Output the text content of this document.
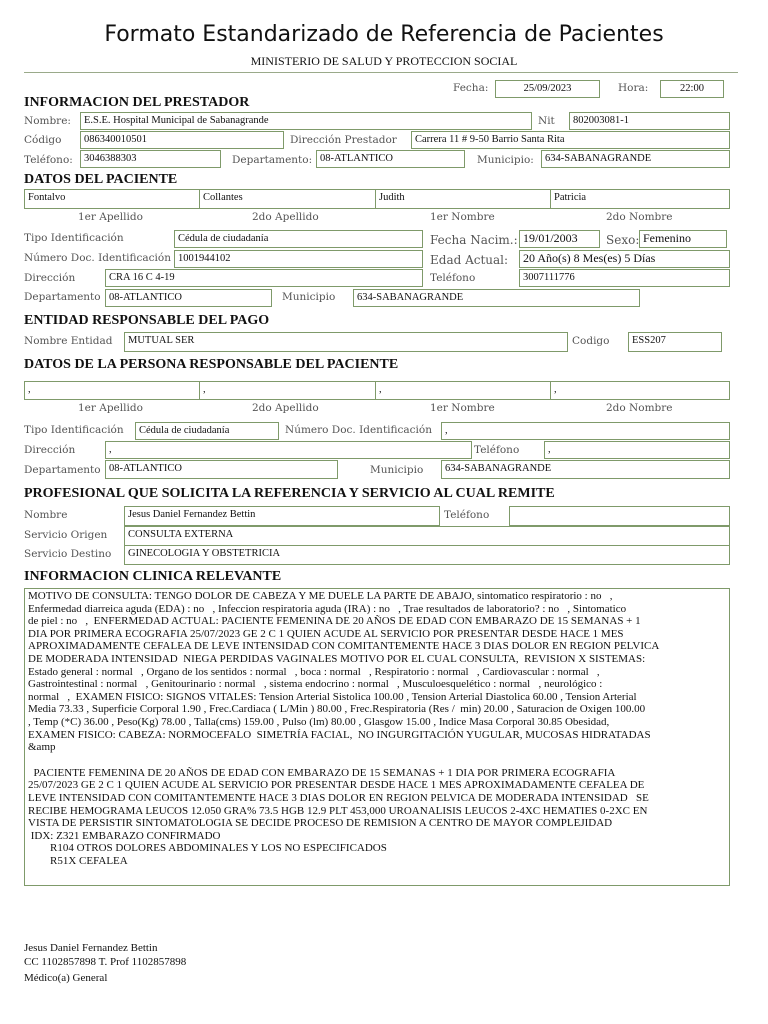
Formato Estandarizado de Referencia de Pacientes
MINISTERIO DE SALUD Y PROTECCION SOCIAL
Fecha:	25/09/2023	Hora:	22:00
INFORMACION DEL PRESTADOR
Nombre:	E.S.E. Hospital Municipal de Sabanagrande	Nit	802003081-1
Código	086340010501	Dirección Prestador	Carrera 11 # 9-50 Barrio Santa Rita
Teléfono:	3046388303	Departamento: 08-ATLANTICO	Municipio:	634-SABANAGRANDE
DATOS DEL PACIENTE
Fontalvo	Collantes	Judith	Patricia
1er Apellido	2do Apellido	1er Nombre	2do Nombre
Tipo Identificación	Cédula de ciudadanía	Fecha Nacim.: 19/01/2003	Sexo: Femenino
Número Doc. Identificación 1001944102	Edad Actual:	20 Año(s) 8 Mes(es) 5 Días
Dirección	CRA 16 C 4-19	Teléfono	3007111776
Departamento 08-ATLANTICO	Municipio	634-SABANAGRANDE
ENTIDAD RESPONSABLE DEL PAGO
Nombre Entidad	MUTUAL SER	Codigo	ESS207
DATOS DE LA PERSONA RESPONSABLE DEL PACIENTE
,	,	,	,
1er Apellido	2do Apellido	1er Nombre	2do Nombre
Tipo Identificación	Cédula de ciudadanía	Número Doc. Identificación	,
Dirección	,	Teléfono	,
Departamento 08-ATLANTICO	Municipio	634-SABANAGRANDE
PROFESIONAL QUE SOLICITA LA REFERENCIA Y SERVICIO AL CUAL REMITE
Nombre	Jesus Daniel Fernandez Bettin	Teléfono
Servicio Origen	CONSULTA EXTERNA
Servicio Destino	GINECOLOGIA Y OBSTETRICIA
INFORMACION CLINICA RELEVANTE
MOTIVO DE CONSULTA: TENGO DOLOR DE CABEZA Y ME DUELE LA PARTE DE ABAJO, sintomatico respiratorio : no   ,
Enfermedad diarreica aguda (EDA) : no   , Infeccion respiratoria aguda (IRA) : no   , Trae resultados de laboratorio? : no   , Sintomatico
de piel : no   ,  ENFERMEDAD ACTUAL: PACIENTE FEMENINA DE 20 AÑOS DE EDAD CON EMBARAZO DE 15 SEMANAS + 1
DIA POR PRIMERA ECOGRAFIA 25/07/2023 GE 2 C 1 QUIEN ACUDE AL SERVICIO POR PRESENTAR DESDE HACE 1 MES
APROXIMADAMENTE CEFALEA DE LEVE INTENSIDAD CON COMITANTEMENTE HACE 3 DIAS DOLOR EN REGION PELVICA
DE MODERADA INTENSIDAD  NIEGA PERDIDAS VAGINALES MOTIVO POR EL CUAL CONSULTA,  REVISION X SISTEMAS:
Estado general : normal   , Organo de los sentidos : normal   , boca : normal   , Respiratorio : normal   , Cardiovascular : normal   ,
Gastrointestinal : normal   , Genitourinario : normal   , sistema endocrino : normal   , Musculoesquelético : normal   , neurológico :
normal   ,  EXAMEN FISICO: SIGNOS VITALES: Tension Arterial Sistolica 100.00 , Tension Arterial Diastolica 60.00 , Tension Arterial
Media 73.33 , Superficie Corporal 1.90 , Frec.Cardiaca ( L/Min ) 80.00 , Frec.Respiratoria (Res /  min) 20.00 , Saturacion de Oxigen 100.00
, Temp (*C) 36.00 , Peso(Kg) 78.00 , Talla(cms) 159.00 , Pulso (lm) 80.00 , Glasgow 15.00 , Indice Masa Corporal 30.85 Obesidad,
EXAMEN FISICO: CABEZA: NORMOCEFALO  SIMETRÍA FACIAL,  NO INGURGITACIÓN YUGULAR, MUCOSAS HIDRATADAS
&amp
PACIENTE FEMENINA DE 20 AÑOS DE EDAD CON EMBARAZO DE 15 SEMANAS + 1 DIA POR PRIMERA ECOGRAFIA
25/07/2023 GE 2 C 1 QUIEN ACUDE AL SERVICIO POR PRESENTAR DESDE HACE 1 MES APROXIMADAMENTE CEFALEA DE
LEVE INTENSIDAD CON COMITANTEMENTE HACE 3 DIAS DOLOR EN REGION PELVICA DE MODERADA INTENSIDAD   SE
RECIBE HEMOGRAMA LEUCOS 12.050 GRA% 73.5 HGB 12.9 PLT 453,000 UROANALISIS LEUCOS 2-4XC HEMATIES 0-2XC EN
VISTA DE PERSISTIR SINTOMATOLOGIA SE DECIDE PROCESO DE REMISION A CENTRO DE MAYOR COMPLEJIDAD
IDX: Z321 EMBARAZO CONFIRMADO
R104 OTROS DOLORES ABDOMINALES Y LOS NO ESPECIFICADOS
R51X CEFALEA
Jesus Daniel Fernandez Bettin
CC 1102857898 T. Prof 1102857898
Médico(a) General
